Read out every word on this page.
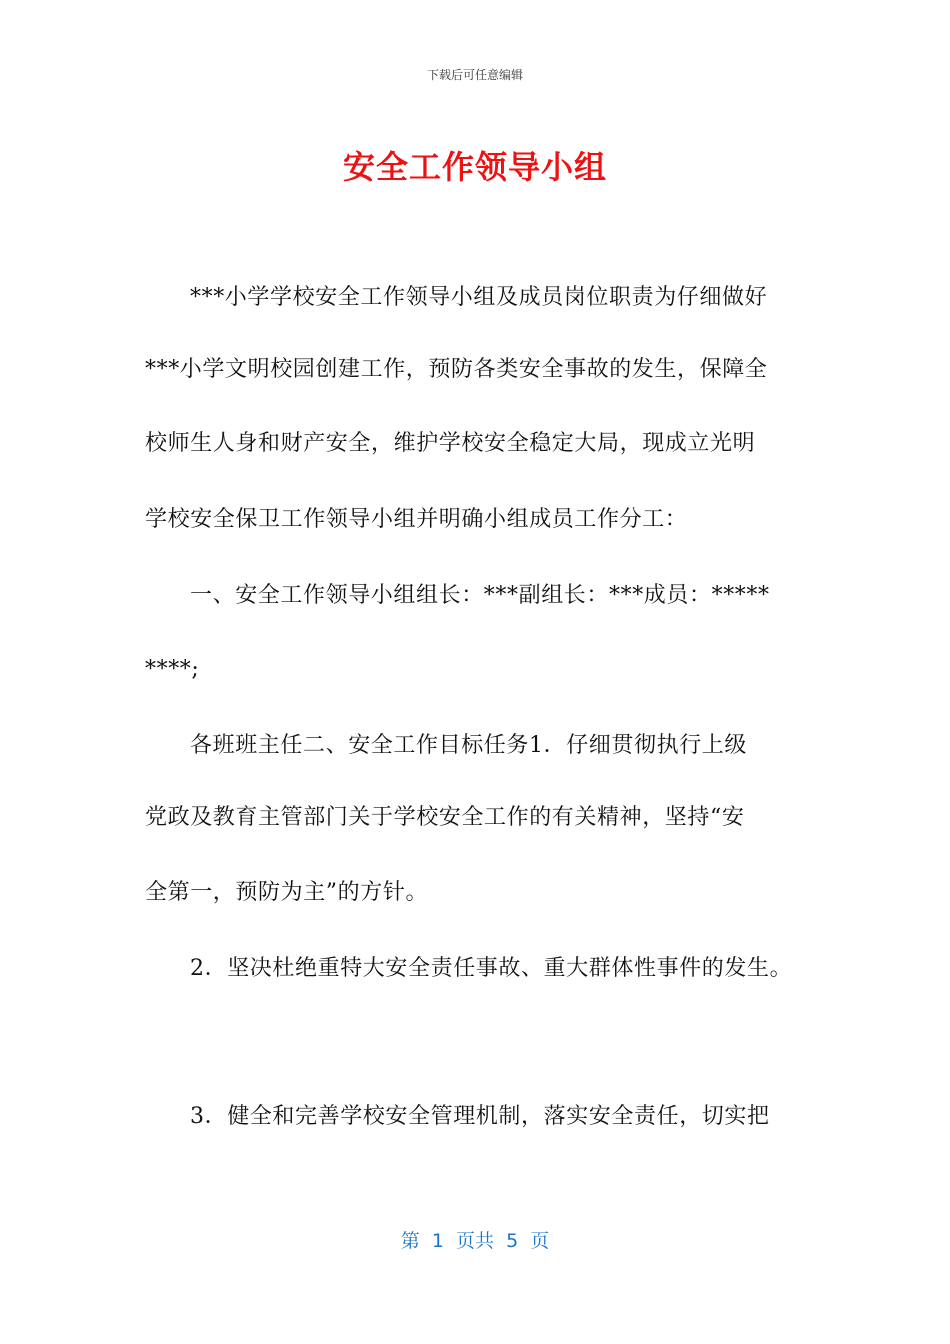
下载后可任意编辑
安全工作领导小组
***小学学校安全工作领导小组及成员岗位职责为仔细做好
***小学文明校园创建工作，预防各类安全事故的发生，保障全
校师生人身和财产安全，维护学校安全稳定大局，现成立光明
学校安全保卫工作领导小组并明确小组成员工作分工：
一、安全工作领导小组组长：***副组长：***成员：*****
****;
各班班主任二、安全工作目标任务1．仔细贯彻执行上级
党政及教育主管部门关于学校安全工作的有关精神，坚持“安
全第一，预防为主”的方针。
2．坚决杜绝重特大安全责任事故、重大群体性事件的发生。
3．健全和完善学校安全管理机制，落实安全责任，切实把
第  1  页共  5  页
